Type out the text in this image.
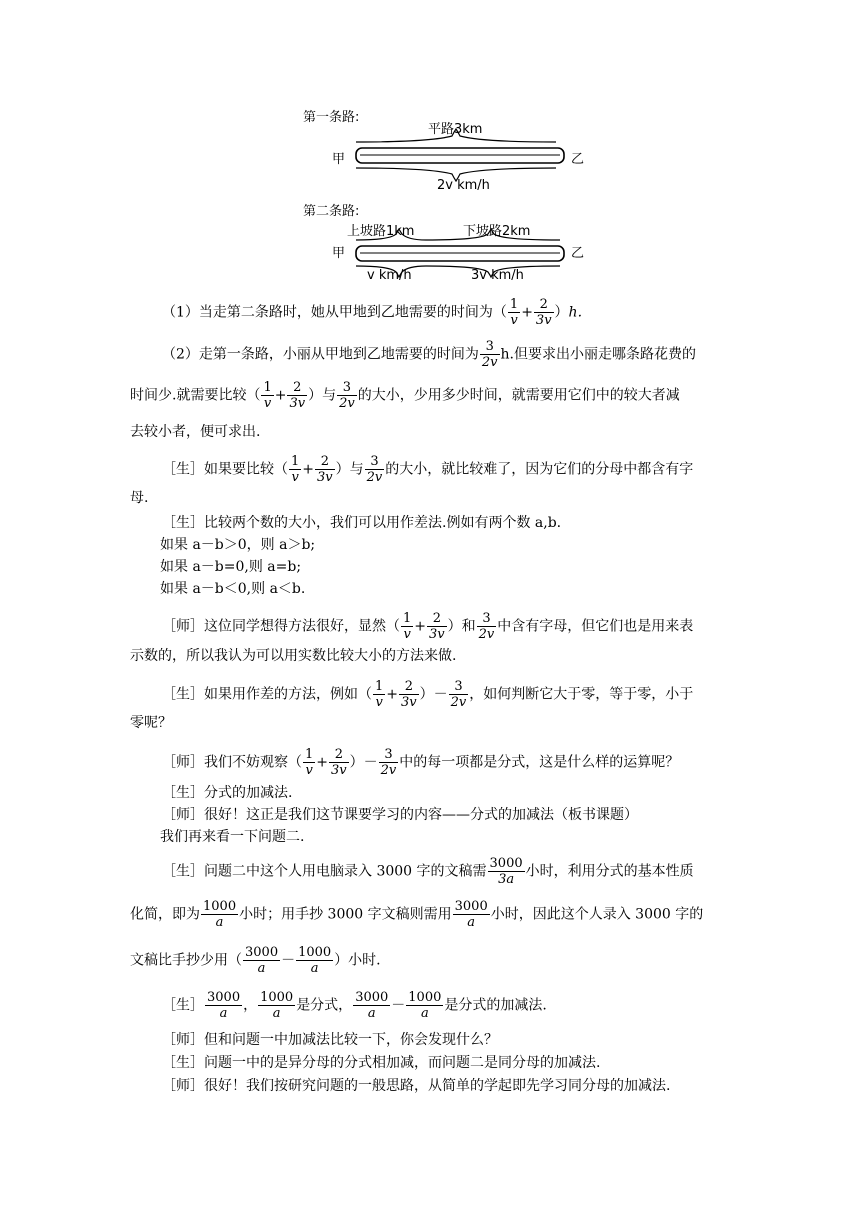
第一条路:
平路3km
甲	乙
2v km/h
第二条路:
上坡路1km	下坡路2km
甲	乙
v km/h	3v km/h
（1）当走第二条路时，她从甲地到乙地需要的时间为（ $\frac{1}{v} + \frac{2}{3v} )h$.
（2）走第一条路，小丽从甲地到乙地需要的时间为 $\frac{3}{2v} h$.但要求出小丽走哪条路花费的
时间少.就需要比较（ $\frac{1}{v} + \frac{2}{3v}$ ）与 $\frac{3}{2v}$ 的大小，少用多少时间，就需要用它们中的较大者减
去较小者，便可求出.
［生］如果要比较（ $\frac{1}{v} + \frac{2}{3v}$ ）与 $\frac{3}{2v}$ 的大小，就比较难了，因为它们的分母中都含有字
母.
［生］比较两个数的大小，我们可以用作差法.例如有两个数 a,b.
如果 a－b＞0，则 a＞b;
如果 a－b=0,则 a=b;
如果 a－b＜0,则 a＜b.
［师］这位同学想得方法很好，显然（ $\frac{1}{v} + \frac{2}{3v}$ ）和 $\frac{3}{2v}$ 中含有字母，但它们也是用来表
示数的，所以我认为可以用实数比较大小的方法来做.
［生］如果用作差的方法，例如（ $\frac{1}{v} + \frac{2}{3v}$ ）－ $\frac{3}{2v}$ ，如何判断它大于零，等于零，小于
零呢？
［师］我们不妨观察（ $\frac{1}{v} + \frac{2}{3v}$ ）－ $\frac{3}{2v}$ 中的每一项都是分式，这是什么样的运算呢？
［生］分式的加减法.
［师］很好！这正是我们这节课要学习的内容——分式的加减法（板书课题）
我们再来看一下问题二.
［生］问题二中这个人用电脑录入 3000 字的文稿需 $\frac{3000}{3a}$ 小时，利用分式的基本性质
化简，即为 $\frac{1000}{a}$ 小时；用手抄 3000 字文稿则需用 $\frac{3000}{a}$ 小时，因此这个人录入 3000 字的
文稿比手抄少用（ $\frac{3000}{a} - \frac{1000}{a}$ ）小时.
［生］ $\frac{3000}{a}$ ， $\frac{1000}{a}$ 是分式， $\frac{3000}{a} - \frac{1000}{a}$ 是分式的加减法.
［师］但和问题一中加减法比较一下，你会发现什么？
［生］问题一中的是异分母的分式相加减，而问题二是同分母的加减法.
［师］很好！我们按研究问题的一般思路，从简单的学起即先学习同分母的加减法.
